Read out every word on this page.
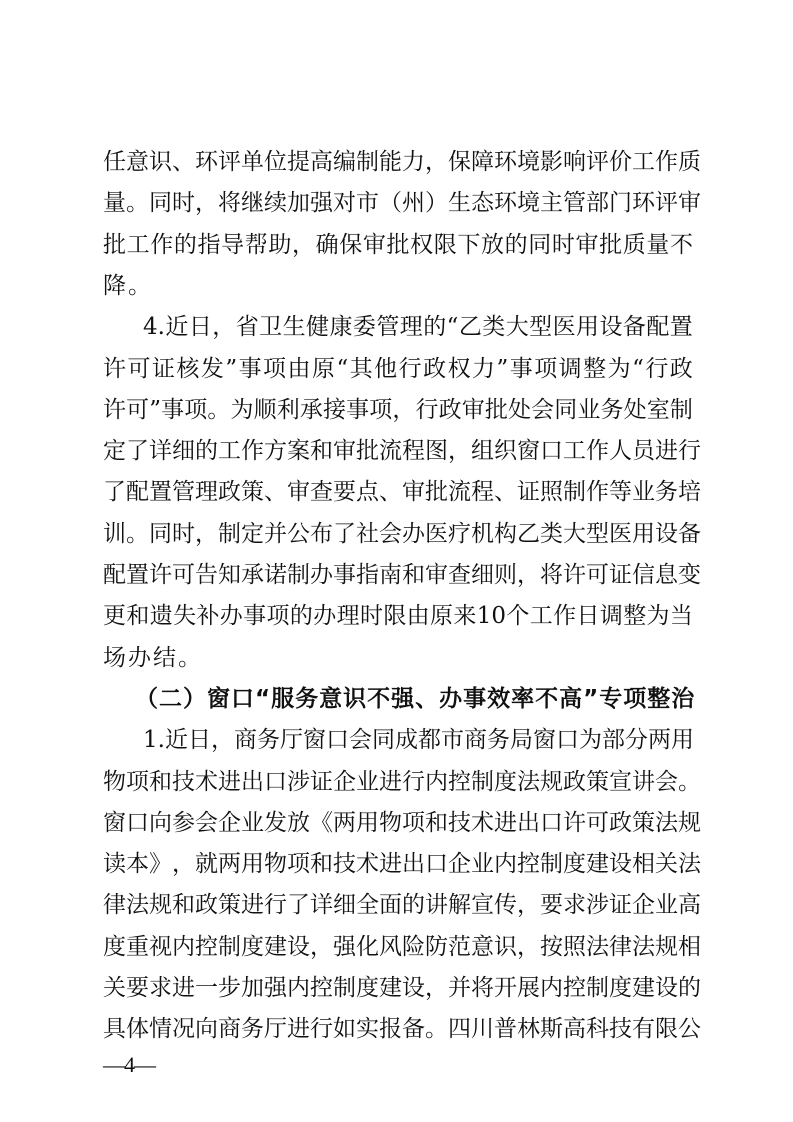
任 意 识 、 环 评 单 位 提 高 编 制 能 力 ， 保 障 环 境 影 响 评 价 工 作 质
量 。 同 时 ， 将 继 续 加 强 对 市 （ 州 ） 生 态 环 境 主 管 部 门 环 评 审
批 工 作 的 指 导 帮 助 ， 确 保 审 批 权 限 下 放 的 同 时 审 批 质 量 不
降。
4. 近 日 ， 省 卫 生 健 康 委 管 理 的 “ 乙 类 大 型 医 用 设 备 配 置
许 可 证 核 发 ” 事 项 由 原 “ 其 他 行 政 权 力 ” 事 项 调 整 为 “ 行 政
许 可 ” 事 项 。 为 顺 利 承 接 事 项 ， 行 政 审 批 处 会 同 业 务 处 室 制
定 了 详 细 的 工 作 方 案 和 审 批 流 程 图 ， 组 织 窗 口 工 作 人 员 进 行
了 配 置 管 理 政 策 、 审 查 要 点 、 审 批 流 程 、 证 照 制 作 等 业 务 培
训 。 同 时 ， 制 定 并 公 布 了 社 会 办 医 疗 机 构 乙 类 大 型 医 用 设 备
配 置 许 可 告 知 承 诺 制 办 事 指 南 和 审 查 细 则 ， 将 许 可 证 信 息 变
更 和 遗 失 补 办 事 项 的 办 理 时 限 由 原 来 10 个 工 作 日 调 整 为 当
场办结。
（二）窗口“服务意识不强、办事效率不高”专项整治
1. 近 日 ， 商 务 厅 窗 口 会 同 成 都 市 商 务 局 窗 口 为 部 分 两 用
物 项 和 技 术 进 出 口 涉 证 企 业 进 行 内 控 制 度 法 规 政 策 宣 讲 会 。
窗 口 向 参 会 企 业 发 放 《 两 用 物 项 和 技 术 进 出 口 许 可 政 策 法 规
读 本 》 ， 就 两 用 物 项 和 技 术 进 出 口 企 业 内 控 制 度 建 设 相 关 法
律 法 规 和 政 策 进 行 了 详 细 全 面 的 讲 解 宣 传 ， 要 求 涉 证 企 业 高
度 重 视 内 控 制 度 建 设 ， 强 化 风 险 防 范 意 识 ， 按 照 法 律 法 规 相
关 要 求 进 一 步 加 强 内 控 制 度 建 设 ， 并 将 开 展 内 控 制 度 建 设 的
具 体 情 况 向 商 务 厅 进 行 如 实 报 备 。 四 川 普 林 斯 高 科 技 有 限 公
—4—
